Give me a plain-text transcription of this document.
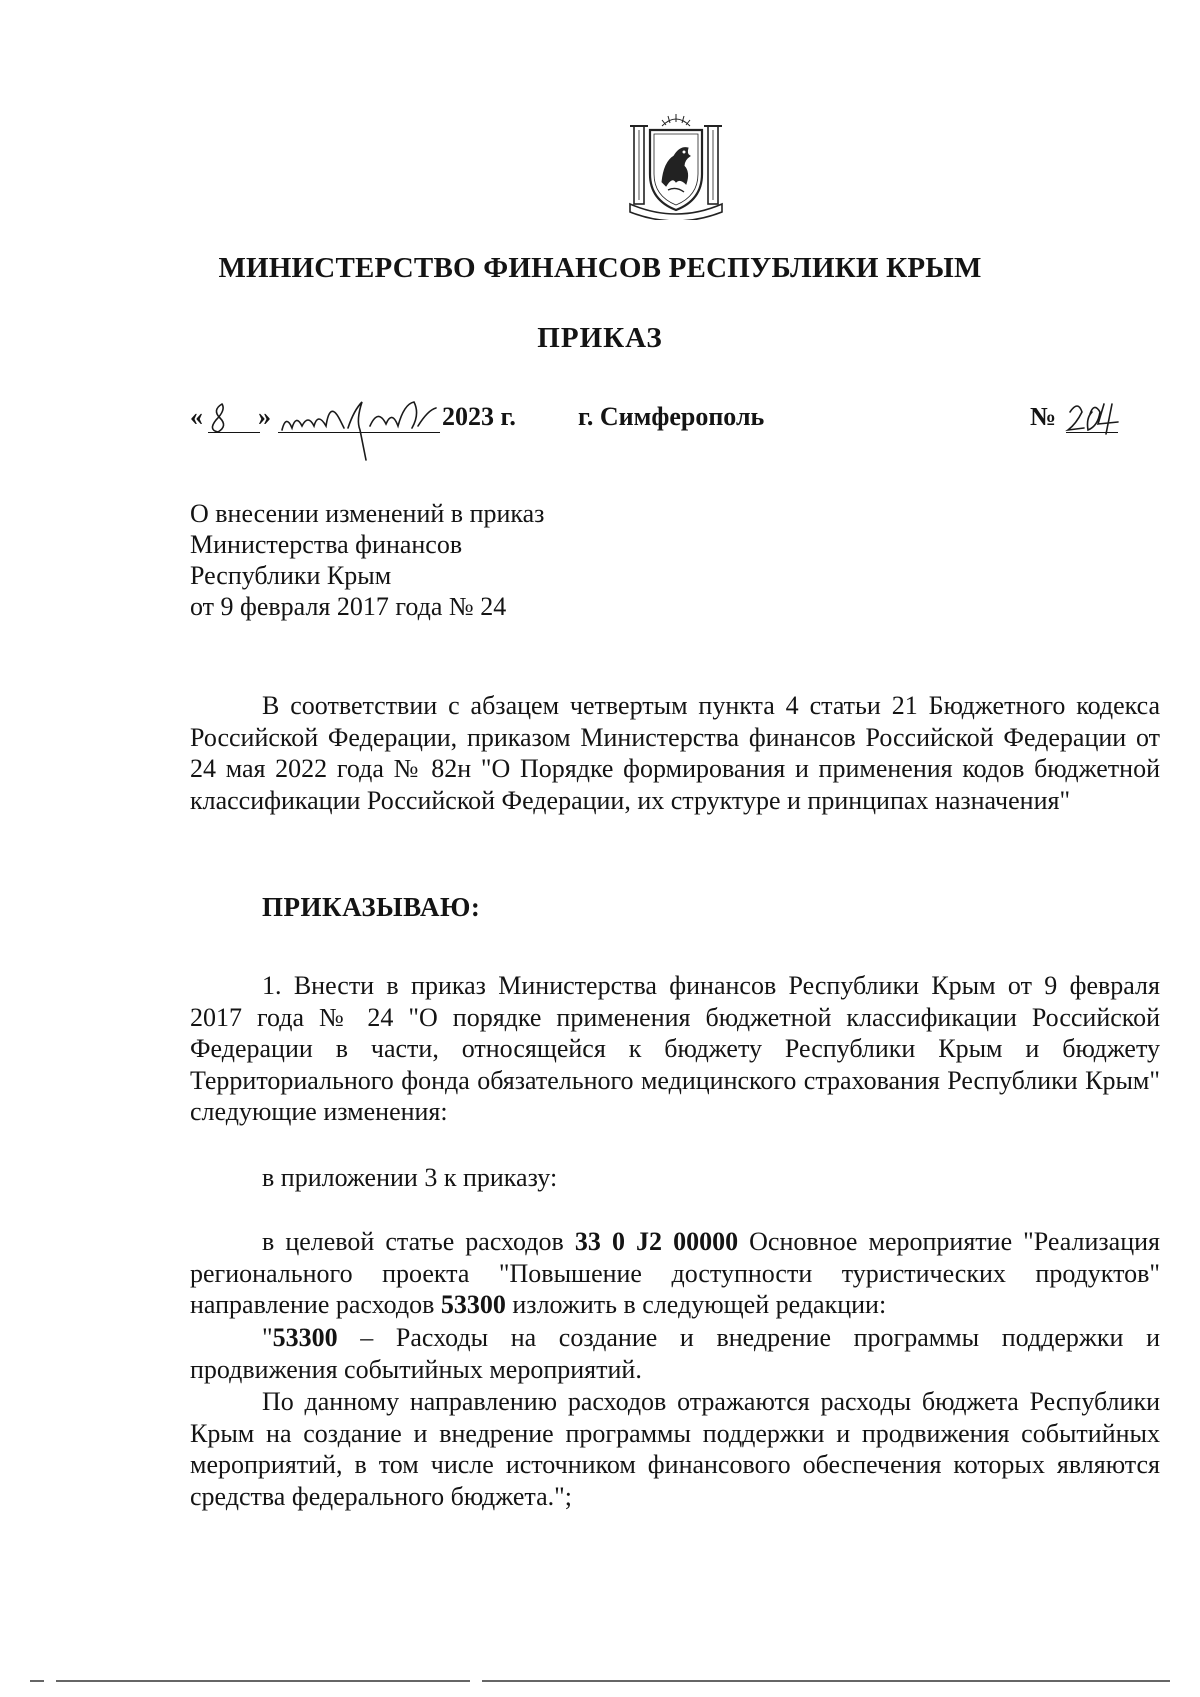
МИНИСТЕРСТВО ФИНАНСОВ РЕСПУБЛИКИ КРЫМ
ПРИКАЗ
« »	2023 г. г. Симферополь	№
О внесении изменений в приказ
Министерства финансов
Республики Крым
от 9 февраля 2017 года № 24
В соответствии с абзацем четвертым пункта 4 статьи 21 Бюджетного кодекса Российской Федерации, приказом Министерства финансов Российской Федерации от 24 мая 2022 года № 82н "О Порядке формирования и применения кодов бюджетной классификации Российской Федерации, их структуре и принципах назначения"
ПРИКАЗЫВАЮ:
1. Внести в приказ Министерства финансов Республики Крым от 9 февраля 2017 года № 24 "О порядке применения бюджетной классификации Российской Федерации в части, относящейся к бюджету Республики Крым и бюджету Территориального фонда обязательного медицинского страхования Республики Крым" следующие изменения:
в приложении 3 к приказу:
в целевой статье расходов 33 0 J2 00000 Основное мероприятие "Реализация регионального проекта "Повышение доступности туристических продуктов" направление расходов 53300 изложить в следующей редакции:
"53300 – Расходы на создание и внедрение программы поддержки и продвижения событийных мероприятий.
По данному направлению расходов отражаются расходы бюджета Республики Крым на создание и внедрение программы поддержки и продвижения событийных мероприятий, в том числе источником финансового обеспечения которых являются средства федерального бюджета.";
